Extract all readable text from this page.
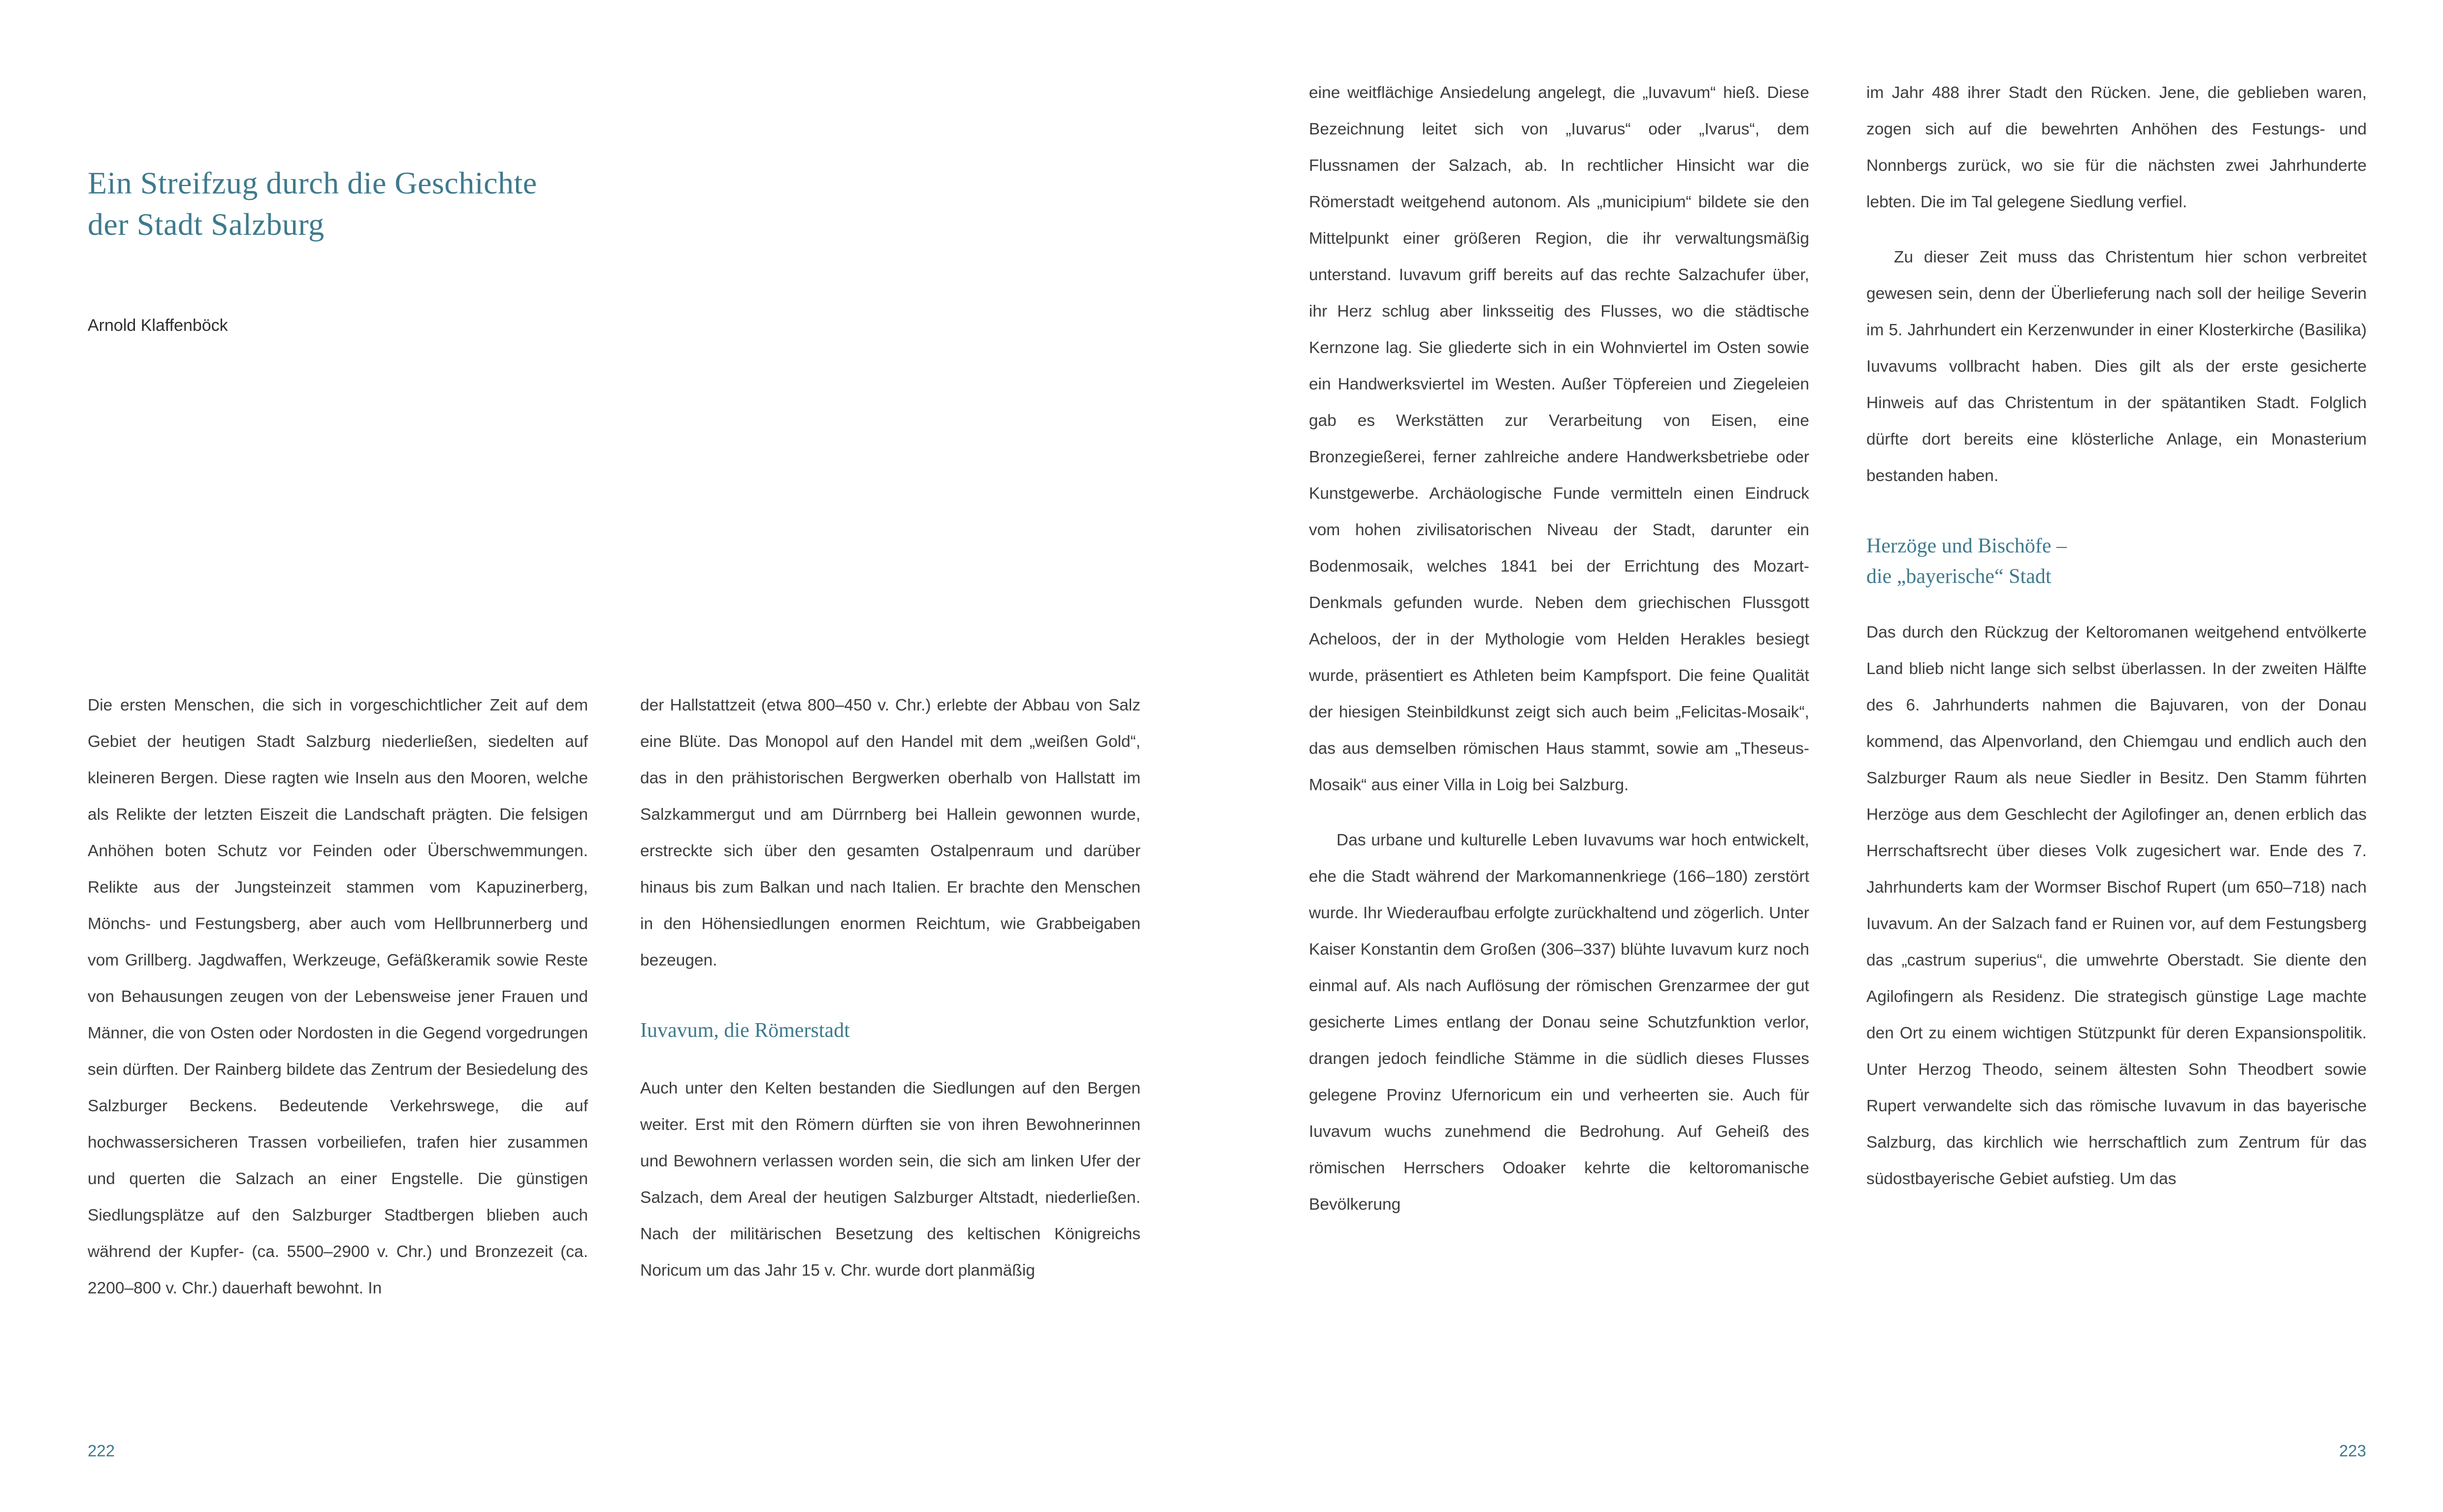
Ein Streifzug durch die Geschichte
der Stadt Salzburg
Arnold Klaffenböck

Die ersten Menschen, die sich in vorgeschichtlicher Zeit auf dem Gebiet der heutigen Stadt Salzburg niederließen, siedelten auf kleineren Bergen. Diese ragten wie Inseln aus den Mooren, welche als Relikte der letzten Eiszeit die Landschaft prägten. Die felsigen Anhöhen boten Schutz vor Feinden oder Überschwemmungen. Relikte aus der Jungsteinzeit stammen vom Kapuzinerberg, Mönchs- und Festungsberg, aber auch vom Hellbrunnerberg und vom Grillberg. Jagdwaffen, Werkzeuge, Gefäßkeramik sowie Reste von Behausungen zeugen von der Lebensweise jener Frauen und Männer, die von Osten oder Nordosten in die Gegend vorgedrungen sein dürften. Der Rainberg bildete das Zentrum der Besiedelung des Salzburger Beckens. Bedeutende Verkehrswege, die auf hochwassersicheren Trassen vorbeiliefen, trafen hier zusammen und querten die Salzach an einer Engstelle. Die günstigen Siedlungsplätze auf den Salzburger Stadtbergen blieben auch während der Kupfer- (ca. 5500–2900 v. Chr.) und Bronzezeit (ca. 2200–800 v. Chr.) dauerhaft bewohnt. In

der Hallstattzeit (etwa 800–450 v. Chr.) erlebte der Abbau von Salz eine Blüte. Das Monopol auf den Handel mit dem „weißen Gold“, das in den prähistorischen Bergwerken oberhalb von Hallstatt im Salzkammergut und am Dürrnberg bei Hallein gewonnen wurde, erstreckte sich über den gesamten Ostalpenraum und darüber hinaus bis zum Balkan und nach Italien. Er brachte den Menschen in den Höhensiedlungen enormen Reichtum, wie Grabbeigaben bezeugen.

Iuvavum, die Römerstadt

Auch unter den Kelten bestanden die Siedlungen auf den Bergen weiter. Erst mit den Römern dürften sie von ihren Bewohnerinnen und Bewohnern verlassen worden sein, die sich am linken Ufer der Salzach, dem Areal der heutigen Salzburger Altstadt, niederließen. Nach der militärischen Besetzung des keltischen Königreichs Noricum um das Jahr 15 v. Chr. wurde dort planmäßig

eine weitflächige Ansiedelung angelegt, die „Iuvavum“ hieß. Diese Bezeichnung leitet sich von „Iuvarus“ oder „Ivarus“, dem Flussnamen der Salzach, ab. In rechtlicher Hinsicht war die Römerstadt weitgehend autonom. Als „municipium“ bildete sie den Mittelpunkt einer größeren Region, die ihr verwaltungsmäßig unterstand. Iuvavum griff bereits auf das rechte Salzachufer über, ihr Herz schlug aber linksseitig des Flusses, wo die städtische Kernzone lag. Sie gliederte sich in ein Wohnviertel im Osten sowie ein Handwerksviertel im Westen. Außer Töpfereien und Ziegeleien gab es Werkstätten zur Verarbeitung von Eisen, eine Bronzegießerei, ferner zahlreiche andere Handwerksbetriebe oder Kunstgewerbe. Archäologische Funde vermitteln einen Eindruck vom hohen zivilisatorischen Niveau der Stadt, darunter ein Bodenmosaik, welches 1841 bei der Errichtung des Mozart-Denkmals gefunden wurde. Neben dem griechischen Flussgott Acheloos, der in der Mythologie vom Helden Herakles besiegt wurde, präsentiert es Athleten beim Kampfsport. Die feine Qualität der hiesigen Steinbildkunst zeigt sich auch beim „Felicitas-Mosaik“, das aus demselben römischen Haus stammt, sowie am „Theseus-Mosaik“ aus einer Villa in Loig bei Salzburg.

Das urbane und kulturelle Leben Iuvavums war hoch entwickelt, ehe die Stadt während der Markomannenkriege (166–180) zerstört wurde. Ihr Wiederaufbau erfolgte zurückhaltend und zögerlich. Unter Kaiser Konstantin dem Großen (306–337) blühte Iuvavum kurz noch einmal auf. Als nach Auflösung der römischen Grenzarmee der gut gesicherte Limes entlang der Donau seine Schutzfunktion verlor, drangen jedoch feindliche Stämme in die südlich dieses Flusses gelegene Provinz Ufernoricum ein und verheerten sie. Auch für Iuvavum wuchs zunehmend die Bedrohung. Auf Geheiß des römischen Herrschers Odoaker kehrte die keltoromanische Bevölkerung

im Jahr 488 ihrer Stadt den Rücken. Jene, die geblieben waren, zogen sich auf die bewehrten Anhöhen des Festungs- und Nonnbergs zurück, wo sie für die nächsten zwei Jahrhunderte lebten. Die im Tal gelegene Siedlung verfiel.

Zu dieser Zeit muss das Christentum hier schon verbreitet gewesen sein, denn der Überlieferung nach soll der heilige Severin im 5. Jahrhundert ein Kerzenwunder in einer Klosterkirche (Basilika) Iuvavums vollbracht haben. Dies gilt als der erste gesicherte Hinweis auf das Christentum in der spätantiken Stadt. Folglich dürfte dort bereits eine klösterliche Anlage, ein Monasterium bestanden haben.

Herzöge und Bischöfe –
die „bayerische“ Stadt

Das durch den Rückzug der Keltoromanen weitgehend entvölkerte Land blieb nicht lange sich selbst überlassen. In der zweiten Hälfte des 6. Jahrhunderts nahmen die Bajuvaren, von der Donau kommend, das Alpenvorland, den Chiemgau und endlich auch den Salzburger Raum als neue Siedler in Besitz. Den Stamm führten Herzöge aus dem Geschlecht der Agilofinger an, denen erblich das Herrschaftsrecht über dieses Volk zugesichert war. Ende des 7. Jahrhunderts kam der Wormser Bischof Rupert (um 650–718) nach Iuvavum. An der Salzach fand er Ruinen vor, auf dem Festungsberg das „castrum superius“, die umwehrte Oberstadt. Sie diente den Agilofingern als Residenz. Die strategisch günstige Lage machte den Ort zu einem wichtigen Stützpunkt für deren Expansionspolitik. Unter Herzog Theodo, seinem ältesten Sohn Theodbert sowie Rupert verwandelte sich das römische Iuvavum in das bayerische Salzburg, das kirchlich wie herrschaftlich zum Zentrum für das südostbayerische Gebiet aufstieg. Um das

222	223
